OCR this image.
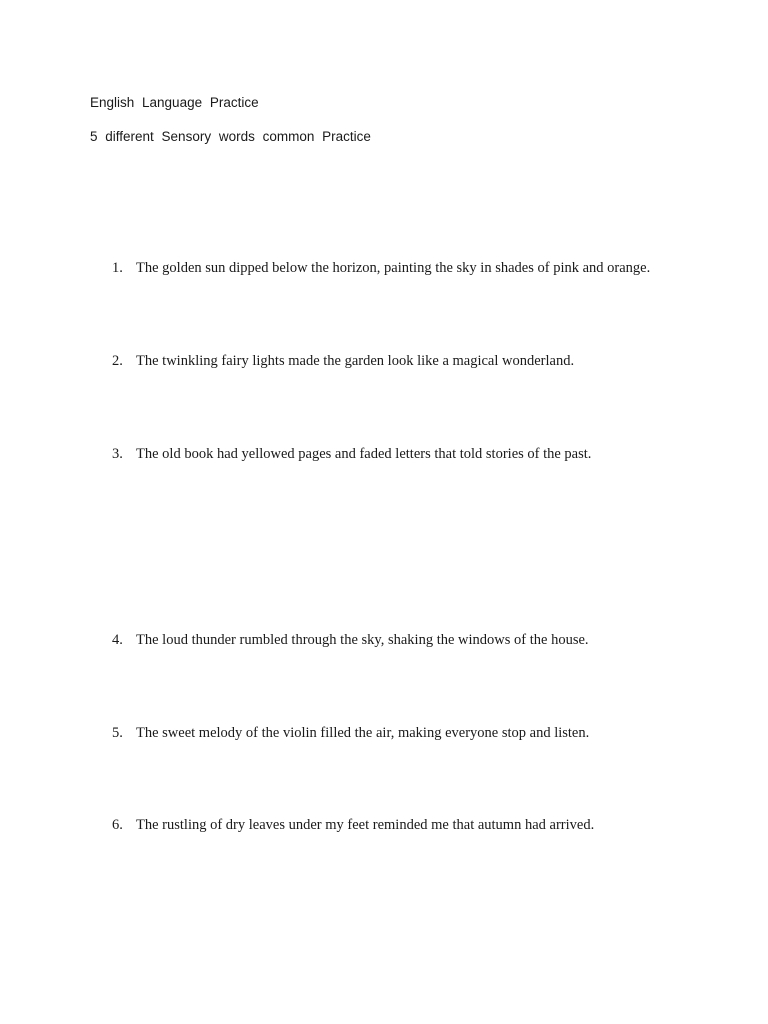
English Language Practice
5 different Sensory words common Practice
1. The golden sun dipped below the horizon, painting the sky in shades of pink and orange.
2. The twinkling fairy lights made the garden look like a magical wonderland.
3. The old book had yellowed pages and faded letters that told stories of the past.
4. The loud thunder rumbled through the sky, shaking the windows of the house.
5. The sweet melody of the violin filled the air, making everyone stop and listen.
6. The rustling of dry leaves under my feet reminded me that autumn had arrived.
